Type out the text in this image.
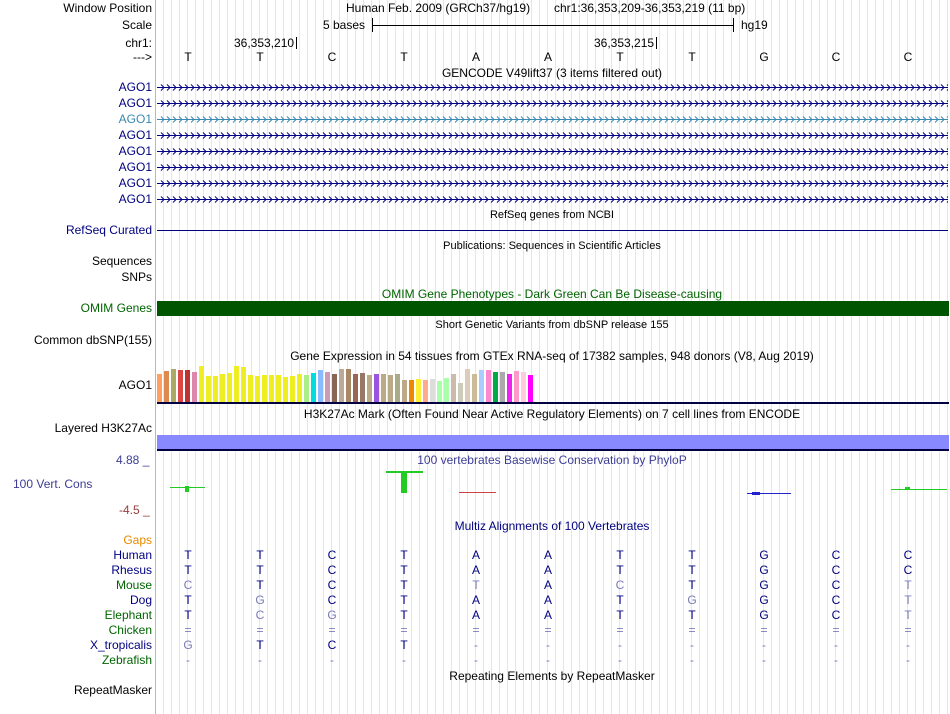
Window Position	Human Feb. 2009 (GRCh37/hg19) chr1:36,353,209-36,353,219 (11 bp)
Scale	5 bases	hg19
chr1:	36,353,210	36,353,215
--->	T	T	C	T	A	A	T	T	G	C	C
GENCODE V49lift37 (3 items filtered out)
AGO1
AGO1
AGO1
AGO1
AGO1
AGO1
AGO1
AGO1
RefSeq genes from NCBI
RefSeq Curated
Publications: Sequences in Scientific Articles
Sequences
SNPs
OMIM Gene Phenotypes - Dark Green Can Be Disease-causing
OMIM Genes
Short Genetic Variants from dbSNP release 155
Common dbSNP(155)
Gene Expression in 54 tissues from GTEx RNA-seq of 17382 samples, 948 donors (V8, Aug 2019)
AGO1
H3K27Ac Mark (Often Found Near Active Regulatory Elements) on 7 cell lines from ENCODE
Layered H3K27Ac
100 vertebrates Basewise Conservation by PhyloP
4.88 _
100 Vert. Cons
-4.5 _
Multiz Alignments of 100 Vertebrates
Gaps
Human	T	T	C	T	A	A	T	T	G	C	C
Rhesus	T	T	C	T	A	A	T	T	G	C	C
Mouse	C	T	C	T	T	A	C	T	G	C	T
Dog	T	G	C	T	A	A	T	G	G	C	T
Elephant	T	C	G	T	A	A	T	T	G	C	T
Chicken	=	=	=	=	=	=	=	=	=	=	=
X_tropicalis	G	T	C	T	-	-	-	-	-	-	-
Zebrafish	-	-	-	-	-	-	-	-	-	-	-
Repeating Elements by RepeatMasker
RepeatMasker
